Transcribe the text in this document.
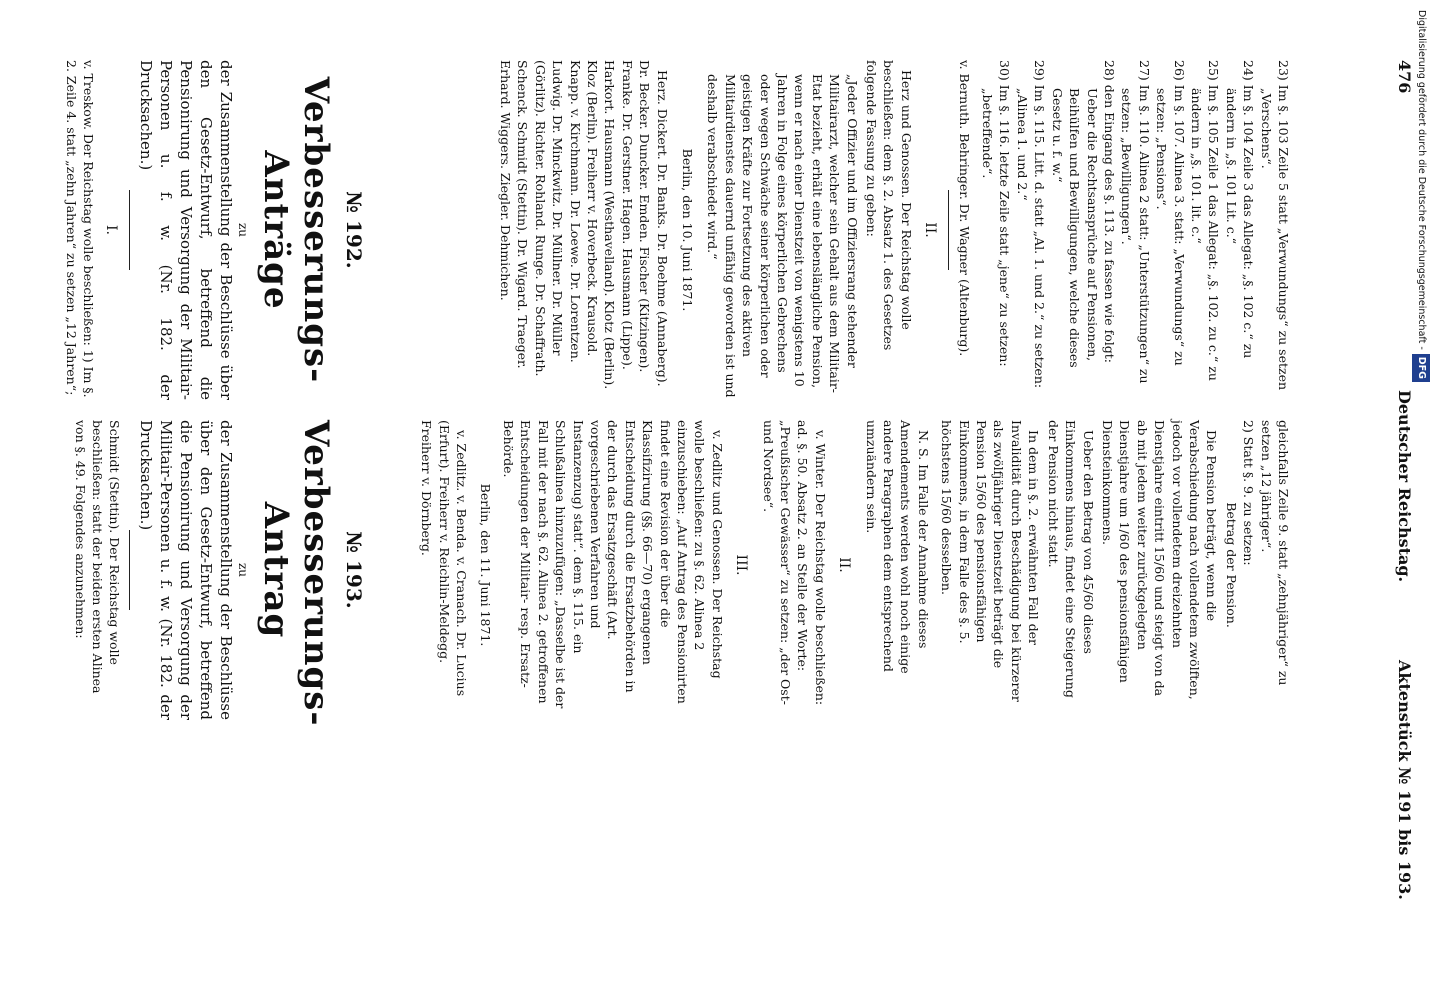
476
Deutscher Reichstag.
Aktenstück № 191 bis 193.

23) Im §. 103 Zeile 5 statt „Verwundungs“ zu setzen „Verschens“.

24) Im §. 104 Zeile 3 das Allegat: „§. 102 c.“ zu ändern in „§. 101 Lit. c.“

25) Im §. 105 Zeile 1 das Allegat: „§. 102. zu c.“ zu ändern in „§. 101. lit. c.“

26) Im §. 107. Alinea 3. statt: „Verwundungs“ zu setzen: „Pensions“.

27) Im §. 110. Alinea 2 statt: „Unterstützungen“ zu setzen: „Bewilligungen“.

28) den Eingang des §. 113. zu fassen wie folgt: Ueber die Rechtsansprüche auf Pensionen, Beihülfen und Bewilligungen, welche dieses Gesetz u. f. w.“

29) Im §. 115. Litt. d. statt „Al. 1. und 2.“ zu setzen: „Alinea 1. und 2.“

30) Im §. 116. letzte Zeile statt „jene“ zu setzen: „betreffende“.

v. Bernuth. Behringer. Dr. Wagner (Altenburg).

II.

Herz und Genossen. Der Reichstag wolle beschließen: dem §. 2. Absatz 1. des Gesetzes folgende Fassung zu geben:

„Jeder Offizier und im Offiziersrang stehender Militairarzt, welcher sein Gehalt aus dem Militair-Etat bezieht, erhält eine lebenslängliche Pension, wenn er nach einer Dienstzeit von wenigstens 10 Jahren in Folge eines körperlichen Gebrechens oder wegen Schwäche seiner körperlichen oder geistigen Kräfte zur Fortsetzung des aktiven Militairdienstes dauernd unfähig geworden ist und deshalb verabschiedet wird.“

Berlin, den 10. Juni 1871.

Herz. Dickert. Dr. Banks. Dr. Boehme (Annaberg). Dr. Becker. Duncker. Emden. Fischer (Kitzingen). Franke. Dr. Gerstner. Hagen. Hausmann (Lippe). Harkort. Hausmann (Westhavelland). Klotz (Berlin). Kloz (Berlin). Freiherr v. Hoverbeck. Krausold. Knapp. v. Kirchmann. Dr. Loewe. Dr. Lorentzen. Ludwig. Dr. Minckwitz. Dr. Müllner. Dr. Müller (Görlitz). Richter. Rohland. Runge. Dr. Schaffrath. Schenck. Schmidt (Stettin). Dr. Wigard. Traeger. Erhard. Wiggers. Ziegler. Dehmichen.

gleichfalls Zeile 9. statt „zehnjähriger“ zu setzen „12 jähriger“.

2) Statt §. 9. zu setzen:

Betrag der Pension.

Die Pension beträgt, wenn die Verabschiedung nach vollendetem zwölften, jedoch vor vollendetem dreizehnten Dienstjahre eintritt 15/60 und steigt von da ab mit jedem weiter zurückgelegten Dienstjahre um 1/60 des pensionsfähigen Diensteinkommens.

Ueber den Betrag von 45/60 dieses Einkommens hinaus, findet eine Steigerung der Pension nicht statt.

In dem in §. 2. erwähnten Fall der Invalidität durch Beschädigung bei kürzerer als zwölfjähriger Dienstzeit beträgt die Pension 15/60 des pensionsfähigen Einkommens, in dem Falle des §. 5. höchstens 15/60 desselben.

N. S. Im Falle der Annahme dieses Amendements werden wohl noch einige andere Paragraphen dem entsprechend umzuändern sein.

II.

v. Winter. Der Reichstag wolle beschließen: ad. §. 50. Absatz 2. an Stelle der Worte: „Preußischer Gewässer“ zu setzen: „der Ost- und Nordsee“.

III.

v. Zedlitz und Genossen. Der Reichstag wolle beschließen: zu §. 62. Alinea 2 einzuschieben: „Auf Antrag des Pensionirten findet eine Revision der über die Klassifizirung (§§. 66—70) ergangenen Entscheidung durch die Ersatzbehörden in der durch das Ersatzgeschäft (Art. vorgeschriebenen Verfahren und Instanzenzug) statt“. dem §. 115. ein Schlußalinea hinzuzufügen: „Dasselbe ist der Fall mit der nach §. 62. Alinea 2. getroffenen Entscheidungen der Militair- resp. Ersatz-Behörde.

Berlin, den 11. Juni 1871.

v. Zedlitz. v. Benda. v. Cranach. Dr. Lucius (Erfurt). Freiherr v. Reichlin-Meldegg. Freiherr v. Dörnberg.

№ 192.
Verbesserungs-Anträge
zu
der Zusammenstellung der Beschlüsse über den Gesetz-Entwurf, betreffend die Pensionirung und Versorgung der Militair-Personen u. f. w. (Nr. 182. der Drucksachen.)
I.
v. Treskow. Der Reichstag wolle beschließen: 1) Im §. 2. Zeile 4. statt „zehn Jahren“ zu setzen „12 Jahren“;
№ 193.
Verbesserungs-Antrag
zu
der Zusammenstellung der Beschlüsse über den Gesetz-Entwurf, betreffend die Pensionirung und Versorgung der Militair-Personen u. f. w. (Nr. 182. der Drucksachen.)
Schmidt (Stettin). Der Reichstag wolle beschließen: statt der beiden ersten Alinea von §. 49. Folgendes anzunehmen:
Digitalisierung gefördert durch die Deutsche Forschungsgemeinschaft -DFG
